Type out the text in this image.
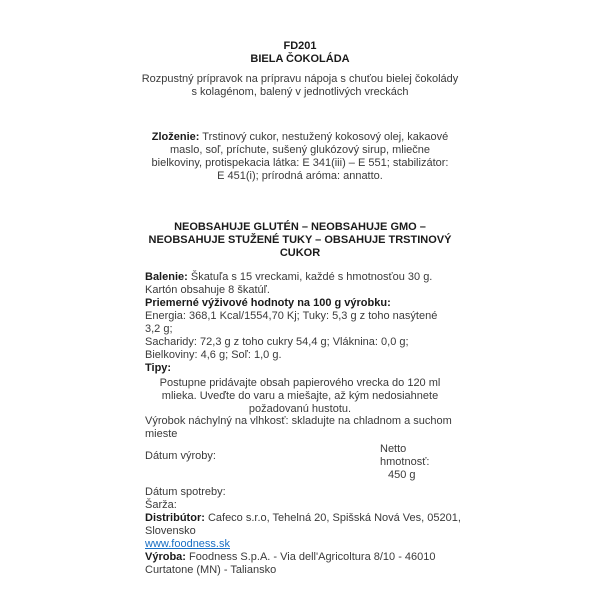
FD201
BIELA ČOKOLÁDA
Rozpustný prípravok na prípravu nápoja s chuťou bielej čokolády s kolagénom, balený v jednotlivých vreckách
Zloženie: Trstinový cukor, nestužený kokosový olej, kakaové maslo, soľ, príchute, sušený glukózový sirup, mliečne bielkoviny, protispekacia látka: E 341(iii) – E 551; stabilizátor: E 451(i); prírodná aróma: annatto.
NEOBSAHUJE GLUTÉN – NEOBSAHUJE GMO – NEOBSAHUJE STUŽENÉ TUKY – OBSAHUJE TRSTINOVÝ CUKOR

Balenie: Škatuľa s 15 vreckami, každé s hmotnosťou 30 g. Kartón obsahuje 8 škatúľ.

Priemerné výživové hodnoty na 100 g výrobku:

Energia: 368,1 Kcal/1554,70 Kj; Tuky: 5,3 g z toho nasýtené 3,2 g;

Sacharidy: 72,3 g z toho cukry 54,4 g; Vláknina: 0,0 g;

Bielkoviny: 4,6 g; Soľ: 1,0 g.

Tipy:

Postupne pridávajte obsah papierového vrecka do 120 ml mlieka. Uveďte do varu a miešajte, až kým nedosiahnete požadovanú hustotu.
Výrobok náchylný na vlhkosť: skladujte na chladnom a suchom mieste
Dátum výroby:
Netto
hmotnosť:
450 g

Dátum spotreby:

Šarža:

Distribútor: Cafeco s.r.o, Tehelná 20, Spišská Nová Ves, 05201, Slovensko

www.foodness.sk

Výroba: Foodness S.p.A. - Via dell'Agricoltura 8/10 - 46010 Curtatone (MN) - Taliansko
